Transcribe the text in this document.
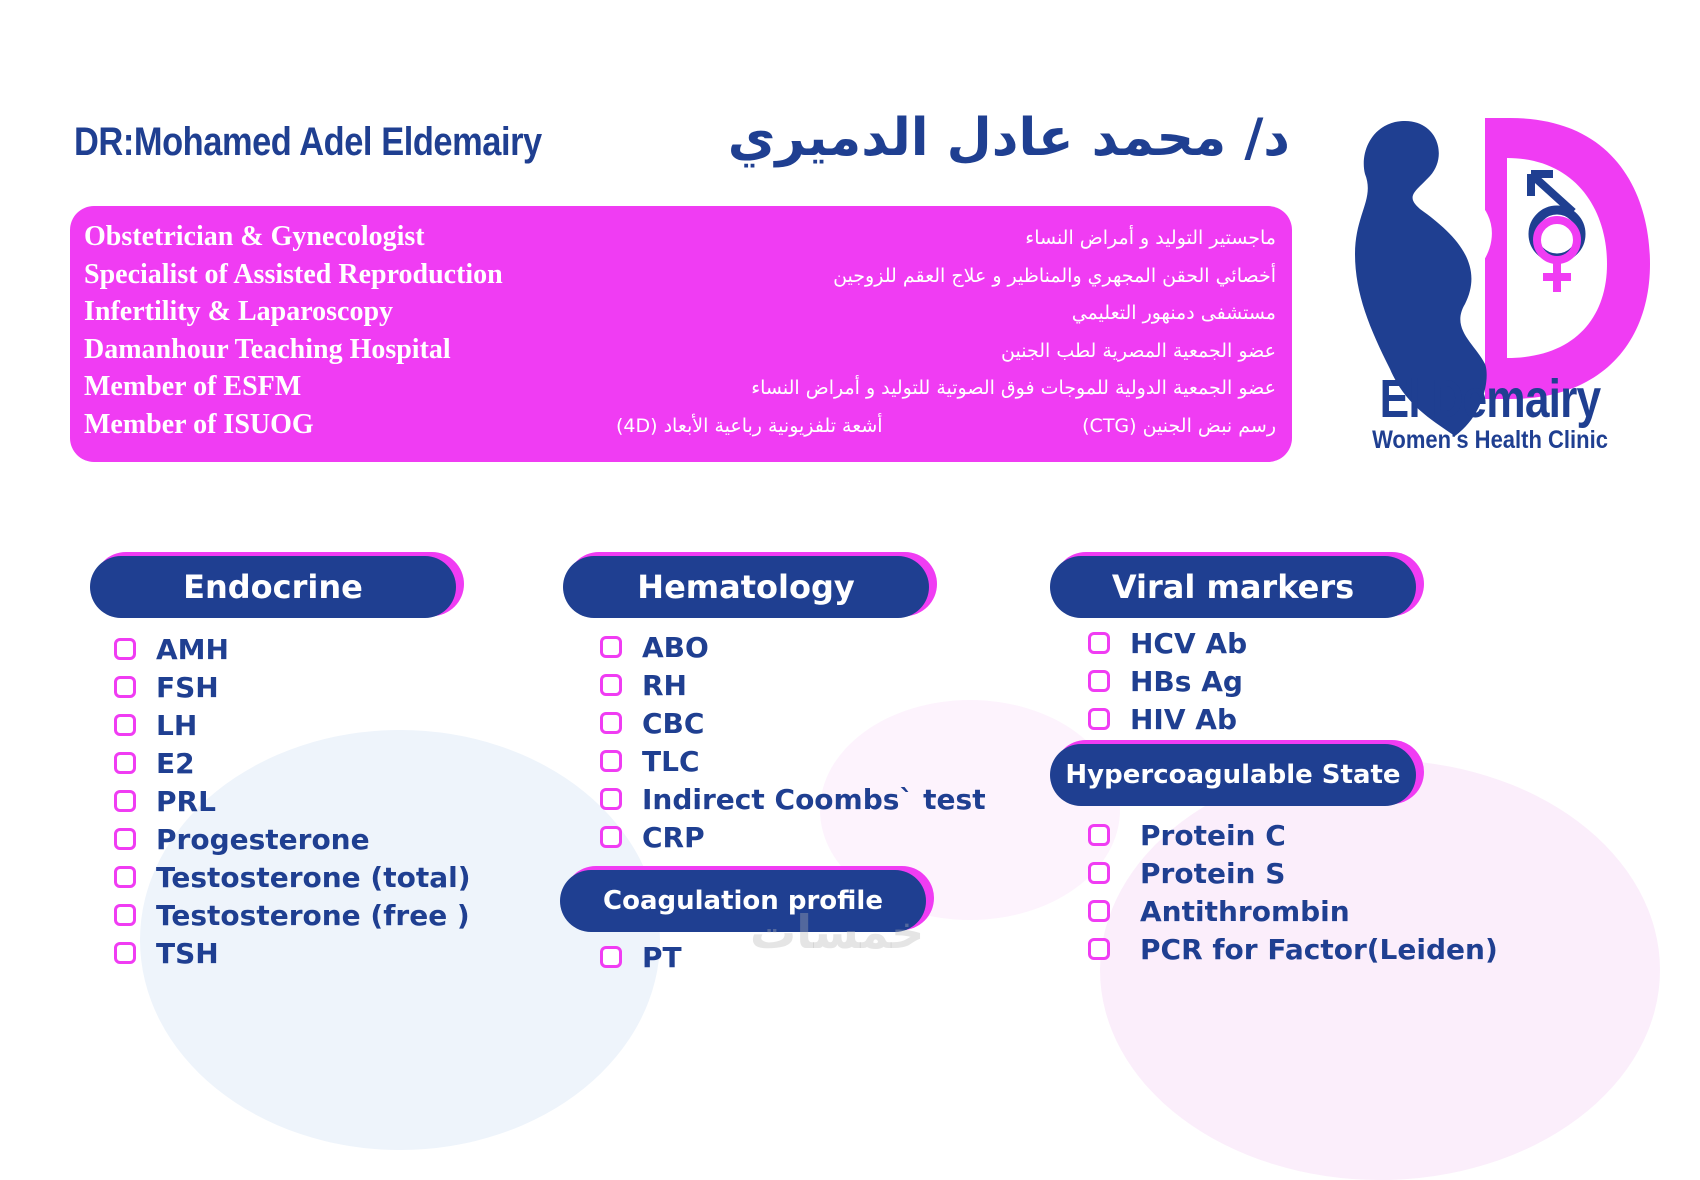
DR:Mohamed Adel Eldemairy	د/ محمد عادل الدميري
Obstetrician & Gynecologist
Specialist of Assisted Reproduction
Infertility & Laparoscopy
Damanhour Teaching Hospital
Member of ESFM
Member of ISUOG
ماجستير التوليد و أمراض النساء
أخصائي الحقن المجهري والمناظير و علاج العقم للزوجين
مستشفى دمنهور التعليمي
عضو الجمعية المصرية لطب الجنين
عضو الجمعية الدولية للموجات فوق الصوتية للتوليد و أمراض النساء
أشعة تلفزيونية رباعية الأبعاد (4D)	رسم نبض الجنين (CTG) El Demairy
Women's Health Clinic
Endocrine
AMH
FSH
LH
E2
PRL
Progesterone
Testosterone (total)
Testosterone (free )
TSH
Hematology
ABO
RH
CBC
TLC
Indirect Coombs` test
CRP
Coagulation profile
PT
Viral markers
HCV Ab
HBs Ag
HIV Ab
Hypercoagulable State
Protein C
Protein S
Antithrombin
PCR for Factor(Leiden)
خمسات
